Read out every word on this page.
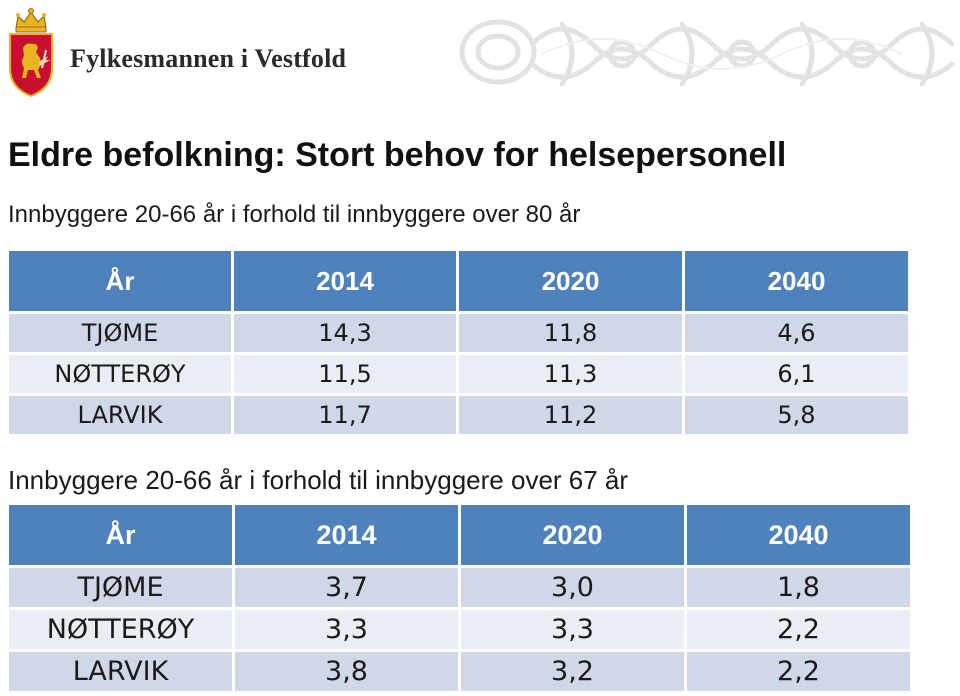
Fylkesmannen i Vestfold
Eldre befolkning: Stort behov for helsepersonell
Innbyggere 20-66 år i forhold til innbyggere over 80 år
År	2014	2020	2040
TJØME	14,3	11,8	4,6
NØTTERØY	11,5	11,3	6,1
LARVIK	11,7	11,2	5,8
Innbyggere 20-66 år i forhold til innbyggere over 67 år
År	2014	2020	2040
TJØME	3,7	3,0	1,8
NØTTERØY	3,3	3,3	2,2
LARVIK	3,8	3,2	2,2
